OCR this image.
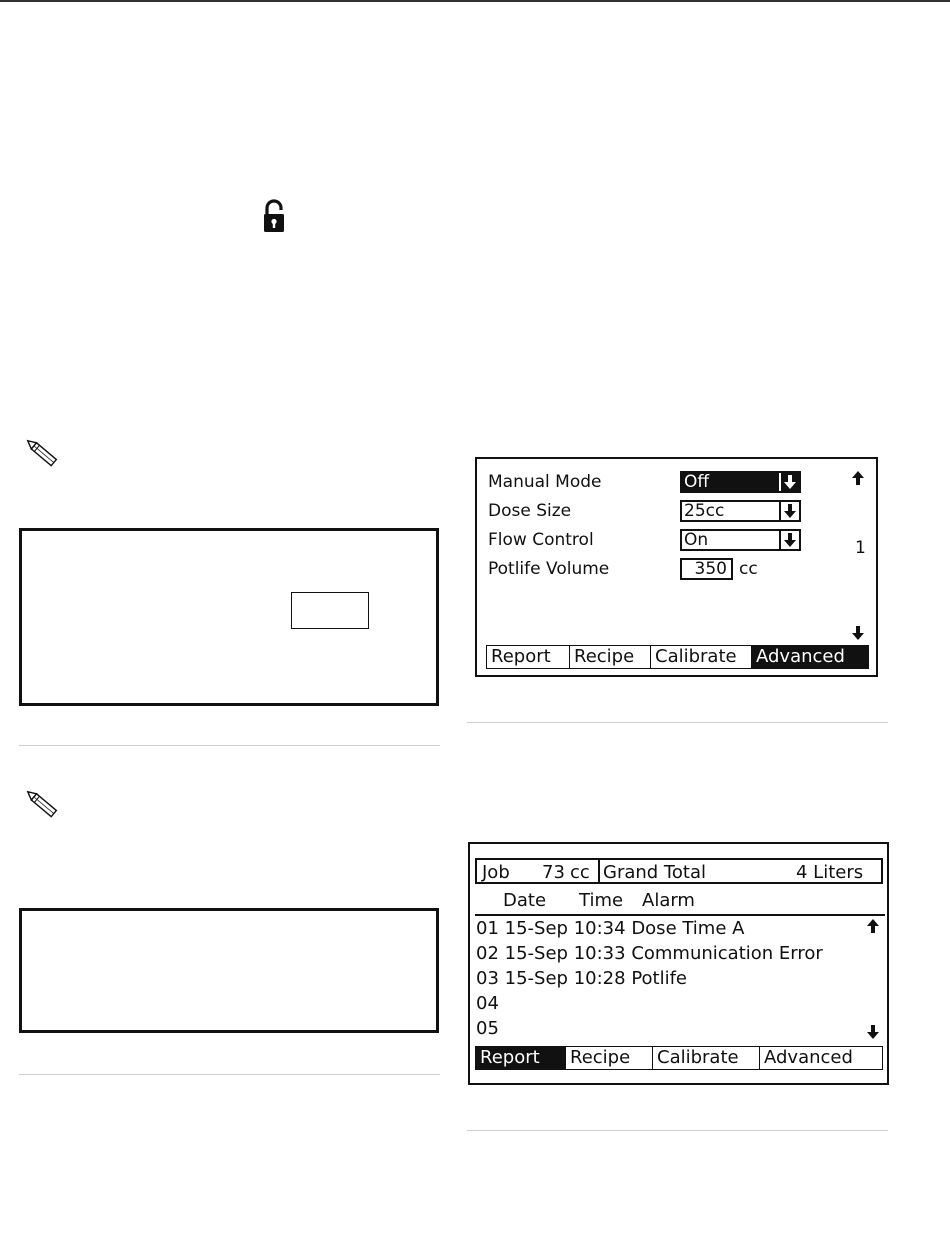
Manual Mode	Off
Dose Size	25cc
Flow Control	On
Potlife Volume	350 cc
1
Report	Recipe	Calibrate	Advanced
Job 73 cc Grand Total	4 Liters
Date Time Alarm
01 15-Sep 10:34 Dose Time A
02 15-Sep 10:33 Communication Error
03 15-Sep 10:28 Potlife
04
05
Report	Recipe	Calibrate	Advanced
